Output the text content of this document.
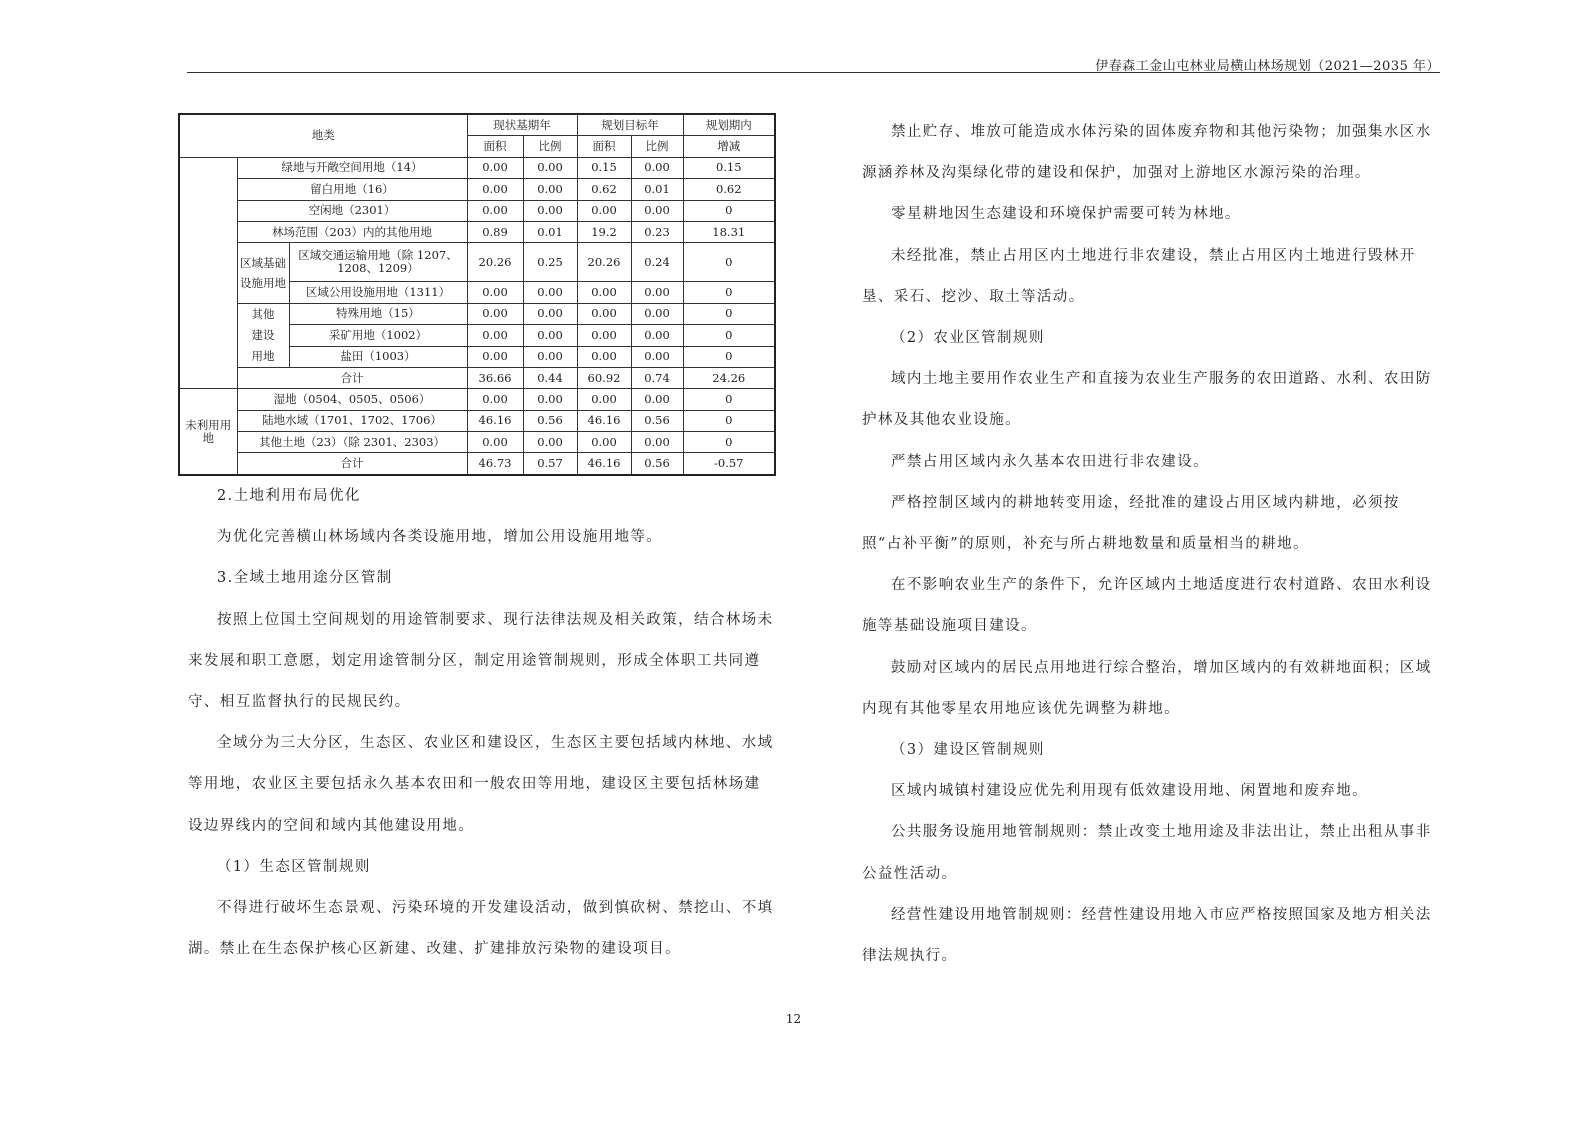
伊春森工金山屯林业局横山林场规划（2021—2035 年）
地类			现状基期年		规划目标年		规划期内
			面积	比例	面积	比例	增减
	绿地与开敞空间用地（14）		0.00	0.00	0.15	0.00	0.15
	留白用地（16）		0.00	0.00	0.62	0.01	0.62
	空闲地（2301）		0.00	0.00	0.00	0.00	0
	林场范围（203）内的其他用地		0.89	0.01	19.2	0.23	18.31
	区域基础设施用地	区域交通运输用地（除 1207、1208、1209）	20.26	0.25	20.26	0.24	0
		区域公用设施用地（1311）	0.00	0.00	0.00	0.00	0
	其他建设用地	特殊用地（15）	0.00	0.00	0.00	0.00	0
		采矿用地（1002）	0.00	0.00	0.00	0.00	0
		盐田（1003）	0.00	0.00	0.00	0.00	0
	合计		36.66	0.44	60.92	0.74	24.26
未利用用地	湿地（0504、0505、0506）		0.00	0.00	0.00	0.00	0
	陆地水域（1701、1702、1706）		46.16	0.56	46.16	0.56	0
	其他土地（23）（除 2301、2303）		0.00	0.00	0.00	0.00	0
	合计		46.73	0.57	46.16	0.56	-0.57

2.土地利用布局优化

为优化完善横山林场域内各类设施用地，增加公用设施用地等。

3.全域土地用途分区管制

按照上位国土空间规划的用途管制要求、现行法律法规及相关政策，结合林场未来发展和职工意愿，划定用途管制分区，制定用途管制规则，形成全体职工共同遵守、相互监督执行的民规民约。

全域分为三大分区，生态区、农业区和建设区，生态区主要包括域内林地、水域等用地，农业区主要包括永久基本农田和一般农田等用地，建设区主要包括林场建设边界线内的空间和域内其他建设用地。

（1）生态区管制规则

不得进行破坏生态景观、污染环境的开发建设活动，做到慎砍树、禁挖山、不填湖。禁止在生态保护核心区新建、改建、扩建排放污染物的建设项目。

禁止贮存、堆放可能造成水体污染的固体废弃物和其他污染物；加强集水区水源涵养林及沟渠绿化带的建设和保护，加强对上游地区水源污染的治理。

零星耕地因生态建设和环境保护需要可转为林地。

未经批准，禁止占用区内土地进行非农建设，禁止占用区内土地进行毁林开垦、采石、挖沙、取土等活动。

（2）农业区管制规则

域内土地主要用作农业生产和直接为农业生产服务的农田道路、水利、农田防护林及其他农业设施。

严禁占用区域内永久基本农田进行非农建设。

严格控制区域内的耕地转变用途，经批准的建设占用区域内耕地，必须按照“占补平衡”的原则，补充与所占耕地数量和质量相当的耕地。

在不影响农业生产的条件下，允许区域内土地适度进行农村道路、农田水利设施等基础设施项目建设。

鼓励对区域内的居民点用地进行综合整治，增加区域内的有效耕地面积；区域内现有其他零星农用地应该优先调整为耕地。

（3）建设区管制规则

区域内城镇村建设应优先利用现有低效建设用地、闲置地和废弃地。

公共服务设施用地管制规则：禁止改变土地用途及非法出让，禁止出租从事非公益性活动。

经营性建设用地管制规则：经营性建设用地入市应严格按照国家及地方相关法律法规执行。

12
